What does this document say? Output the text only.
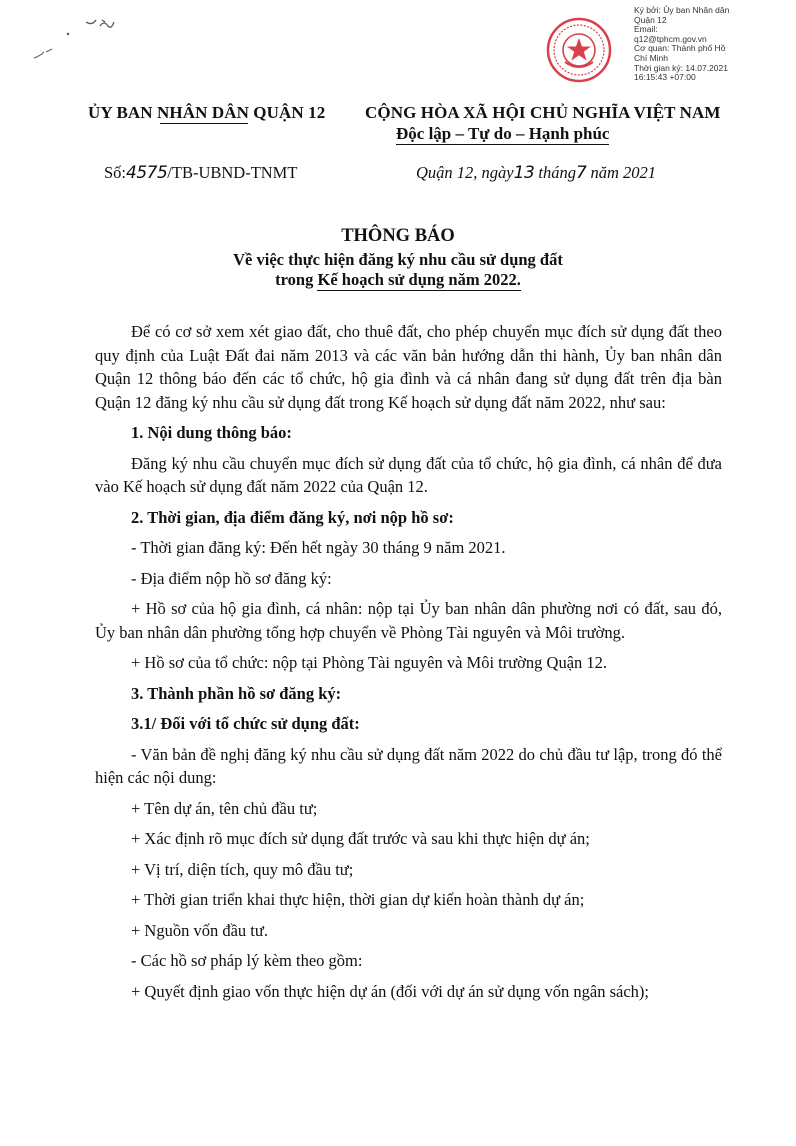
Ký bởi: Ủy ban Nhân dân
Quận 12
Email:
q12@tphcm.gov.vn
Cơ quan: Thành phố Hồ
Chí Minh
Thời gian ký: 14.07.2021
16:15:43 +07:00
ỦY BAN NHÂN DÂN QUẬN 12 CỘNG HÒA XÃ HỘI CHỦ NGHĨA VIỆT NAM
Độc lập – Tự do – Hạnh phúc
Số:4575/TB-UBND-TNMT	Quận 12, ngày13 tháng7 năm 2021
THÔNG BÁO
Về việc thực hiện đăng ký nhu cầu sử dụng đất
trong Kế hoạch sử dụng năm 2022.

Để có cơ sở xem xét giao đất, cho thuê đất, cho phép chuyển mục đích sử dụng đất theo quy định của Luật Đất đai năm 2013 và các văn bản hướng dẫn thi hành, Ủy ban nhân dân Quận 12 thông báo đến các tổ chức, hộ gia đình và cá nhân đang sử dụng đất trên địa bàn Quận 12 đăng ký nhu cầu sử dụng đất trong Kế hoạch sử dụng đất năm 2022, như sau:

1. Nội dung thông báo:

Đăng ký nhu cầu chuyển mục đích sử dụng đất của tổ chức, hộ gia đình, cá nhân để đưa vào Kế hoạch sử dụng đất năm 2022 của Quận 12.

2. Thời gian, địa điểm đăng ký, nơi nộp hồ sơ:

- Thời gian đăng ký: Đến hết ngày 30 tháng 9 năm 2021.

- Địa điểm nộp hồ sơ đăng ký:

+ Hồ sơ của hộ gia đình, cá nhân: nộp tại Ủy ban nhân dân phường nơi có đất, sau đó, Ủy ban nhân dân phường tổng hợp chuyển về Phòng Tài nguyên và Môi trường.

+ Hồ sơ của tổ chức: nộp tại Phòng Tài nguyên và Môi trường Quận 12.

3. Thành phần hồ sơ đăng ký:

3.1/ Đối với tổ chức sử dụng đất:

- Văn bản đề nghị đăng ký nhu cầu sử dụng đất năm 2022 do chủ đầu tư lập, trong đó thể hiện các nội dung:

+ Tên dự án, tên chủ đầu tư;

+ Xác định rõ mục đích sử dụng đất trước và sau khi thực hiện dự án;

+ Vị trí, diện tích, quy mô đầu tư;

+ Thời gian triển khai thực hiện, thời gian dự kiến hoàn thành dự án;

+ Nguồn vốn đầu tư.

- Các hồ sơ pháp lý kèm theo gồm:

+ Quyết định giao vốn thực hiện dự án (đối với dự án sử dụng vốn ngân sách);
